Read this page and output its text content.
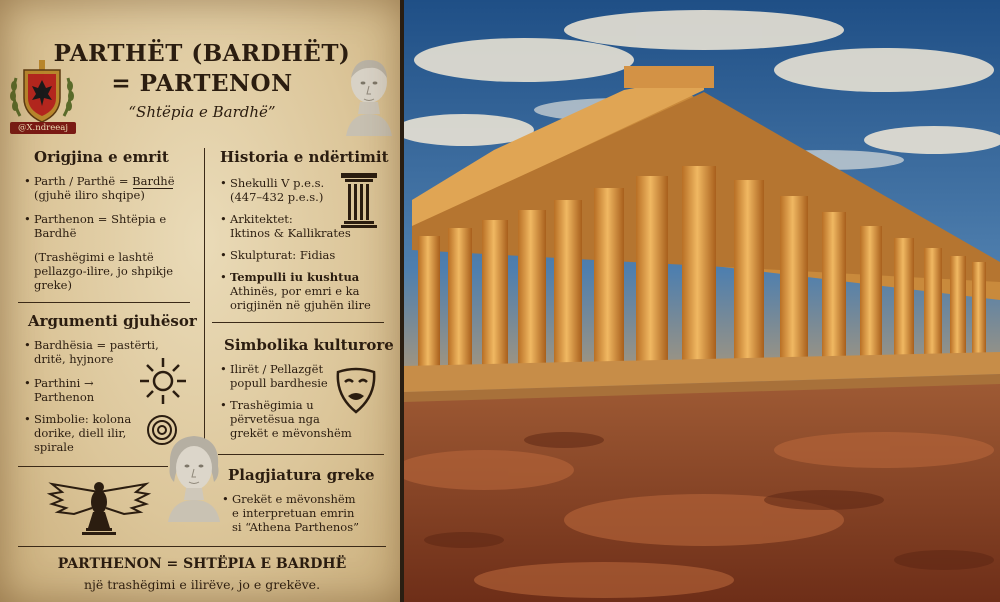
PARTHËT (BARDHËT)
= PARTENON
“Shtëpia e Bardhë”
@X.ndreeaj
Origjina e emrit
• Parth / Parthë = Bardhë
(gjuhë iliro shqipe)
• Parthenon = Shtëpia e
Bardhë
(Trashëgimi e lashtë
pellazgo-ilire, jo shpikje
greke)
Historia e ndërtimit
• Shekulli V p.e.s.
(447–432 p.e.s.)
• Arkitektet:
Iktinos & Kallikrates
• Skulpturat: Fidias
• Tempulli iu kushtua
Athinës, por emri e ka
origjinën në gjuhën ilire
Argumenti gjuhësor
• Bardhësia = pastërti,
dritë, hyjnore
• Parthini →
Parthenon
• Simbolie: kolona
dorike, diell ilir,
spirale
Simbolika kulturore
• Ilirët / Pellazgët
popull bardhesie
• Trashëgimia u
përvetësua nga
grekët e mëvonshëm
Plagjiatura greke
• Grekët e mëvonshëm
e interpretuan emrin
si “Athena Parthenos”
PARTHENON = SHTËPIA E BARDHË
një trashëgimi e ilirëve, jo e grekëve.
